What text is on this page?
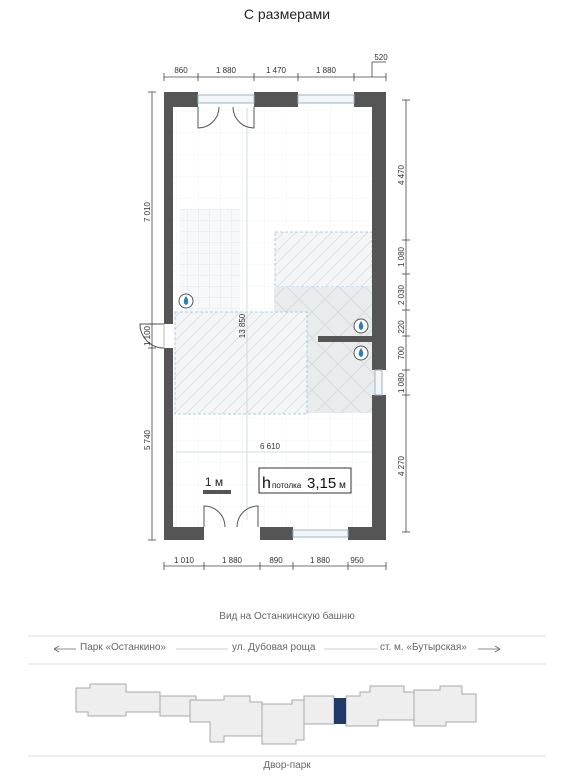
С размерами
860	1 880	1 470	1 880
520
1 010	1 880	890	1 880	950
7 010
1 100
5 740
4 470
1 080
2 030
220
700
1 080
4 270
13 850
6 610
1 м h потолка 3,15 м
Вид на Останкинскую башню
Парк «Останкино»	ул. Дубовая роща	ст. м. «Бутырская»
Двор-парк
